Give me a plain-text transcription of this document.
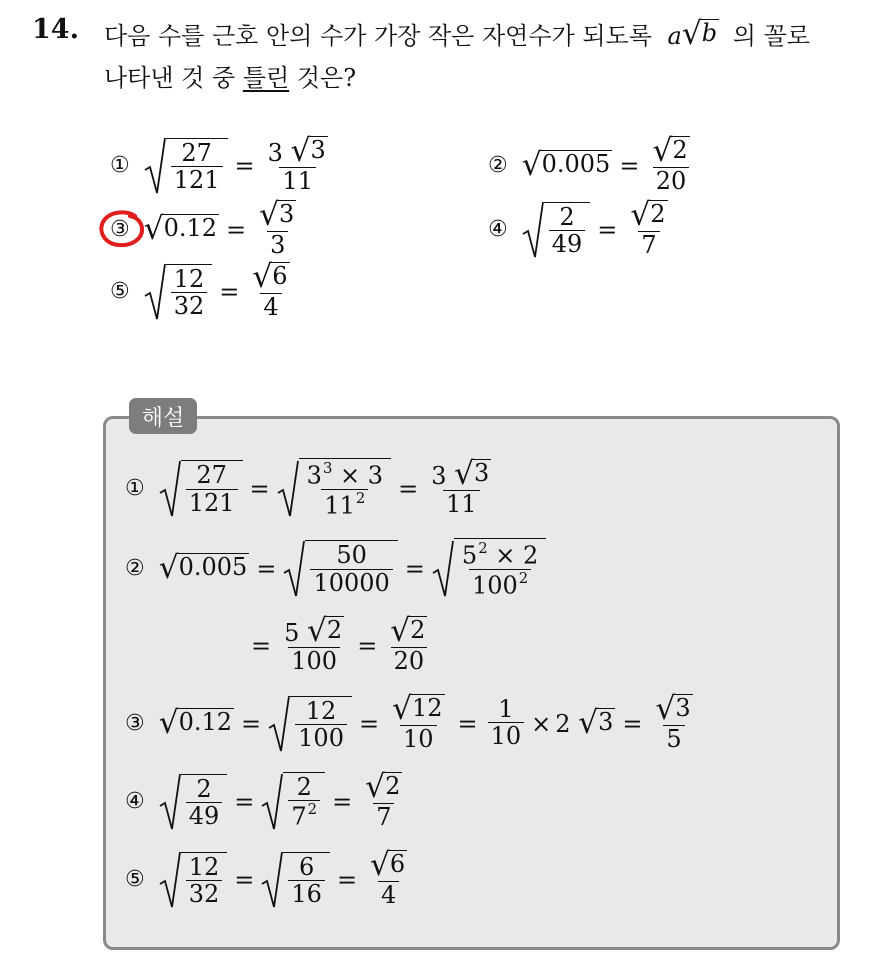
14. 다음 수를 근호 안의 수가 가장 작은 자연수가 되도록 a √ b 의 꼴로
나타낸 것 중 틀린 것은?
① $\frac{27}{121} = \frac{3 √ 3}{11}$	② √ $0.005 = \frac{√ 2}{20}$
③ √ $0.12 = \frac{√ 3}{3}$	④ $\frac{2}{49} = \frac{√ 2}{7}$
⑤ $\frac{12}{32} = \frac{√ 6}{4}$
해설
① $\frac{27}{121} = \frac{3^3 \times 3}{11^2} = \frac{3 √ 3}{11}$
② √ $0.005 = \frac{50}{10000} = \frac{5^2 \times 2}{100^2}$
= $\frac{5 √ 2}{100} = \frac{√ 2}{20}$
③ √ $0.12 = \frac{12}{100} = \frac{√ 12}{10} = \frac{1}{10} \times 2$
√ $3 = \frac{√ 3}{5}$
④ $\frac{2}{49} = \frac{2}{7^2} = \frac{√ 2}{7}$
⑤ $\frac{12}{32} = \frac{6}{16} = \frac{√ 6}{4}$
